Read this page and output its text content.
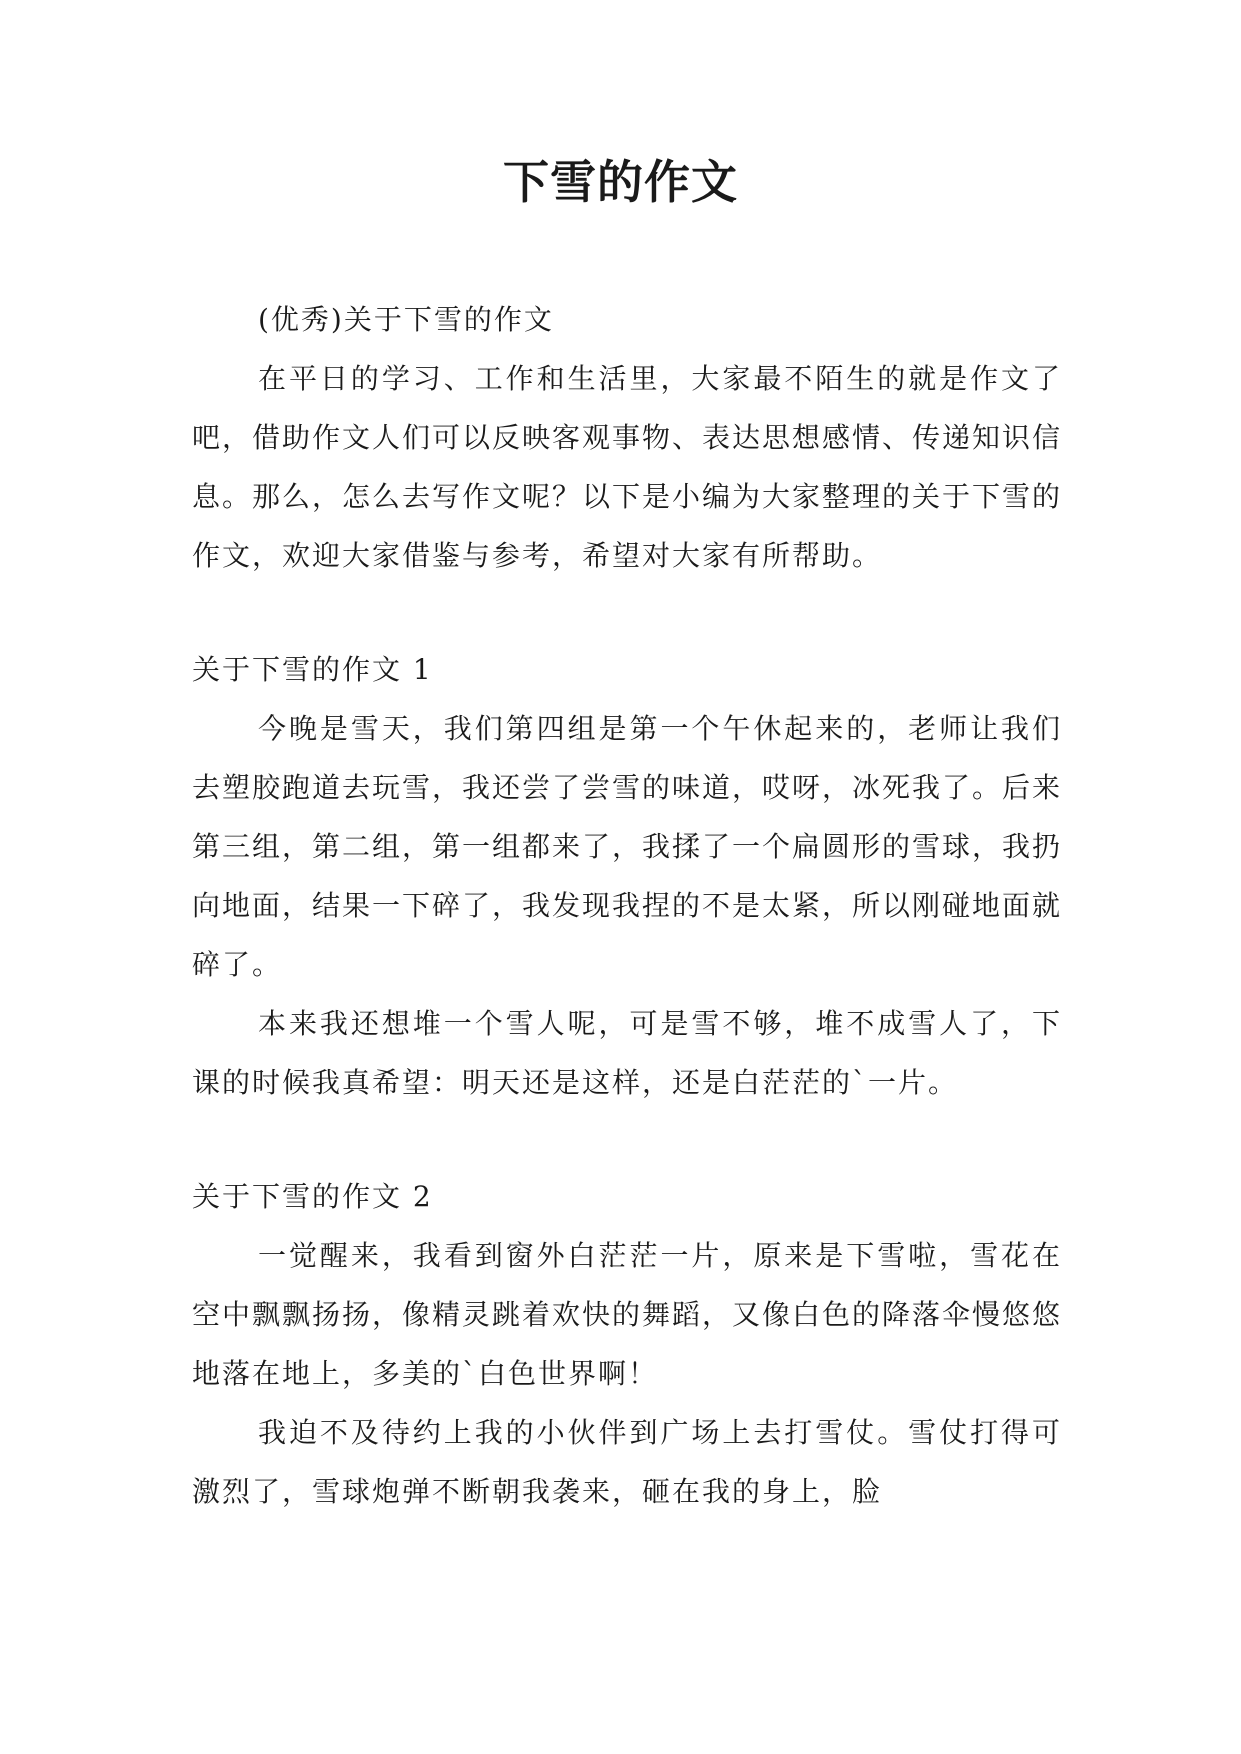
下雪的作文

(优秀)关于下雪的作文

在平日的学习、工作和生活里，大家最不陌生的就是作文了吧，借助作文人们可以反映客观事物、表达思想感情、传递知识信息。那么，怎么去写作文呢？以下是小编为大家整理的关于下雪的作文，欢迎大家借鉴与参考，希望对大家有所帮助。

关于下雪的作文 1

今晚是雪天，我们第四组是第一个午休起来的，老师让我们去塑胶跑道去玩雪，我还尝了尝雪的味道，哎呀，冰死我了。后来第三组，第二组，第一组都来了，我揉了一个扁圆形的雪球，我扔向地面，结果一下碎了，我发现我捏的不是太紧，所以刚碰地面就碎了。

本来我还想堆一个雪人呢，可是雪不够，堆不成雪人了，下课的时候我真希望：明天还是这样，还是白茫茫的`一片。

关于下雪的作文 2

一觉醒来，我看到窗外白茫茫一片，原来是下雪啦，雪花在空中飘飘扬扬，像精灵跳着欢快的舞蹈，又像白色的降落伞慢悠悠地落在地上，多美的`白色世界啊！

我迫不及待约上我的小伙伴到广场上去打雪仗。雪仗打得可激烈了，雪球炮弹不断朝我袭来，砸在我的身上，脸
